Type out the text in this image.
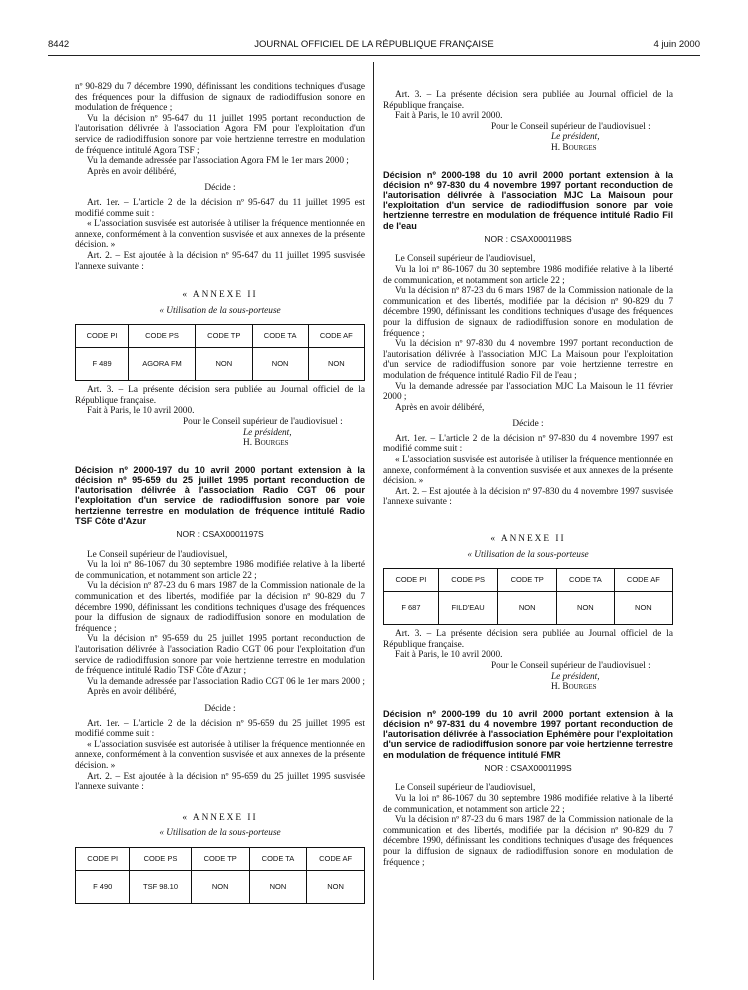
8442	JOURNAL OFFICIEL DE LA RÉPUBLIQUE FRANÇAISE	4 juin 2000

nº 90-829 du 7 décembre 1990, définissant les conditions techniques d'usage des fréquences pour la diffusion de signaux de radiodiffusion sonore en modulation de fréquence ;

Vu la décision nº 95-647 du 11 juillet 1995 portant reconduction de l'autorisation délivrée à l'association Agora FM pour l'exploitation d'un service de radiodiffusion sonore par voie hertzienne terrestre en modulation de fréquence intitulé Agora TSF ;

Vu la demande adressée par l'association Agora FM le 1er mars 2000 ;

Après en avoir délibéré,

Décide :

Art. 1er. – L'article 2 de la décision nº 95-647 du 11 juillet 1995 est modifié comme suit :

« L'association susvisée est autorisée à utiliser la fréquence mentionnée en annexe, conformément à la convention susvisée et aux annexes de la présente décision. »

Art. 2. – Est ajoutée à la décision nº 95-647 du 11 juillet 1995 susvisée l'annexe suivante :

« ANNEXE II

« Utilisation de la sous-porteuse

CODE PI	CODE PS	CODE TP	CODE TA	CODE AF
F 489	AGORA FM	NON	NON	NON

Art. 3. – La présente décision sera publiée au Journal officiel de la République française.

Fait à Paris, le 10 avril 2000.

Pour le Conseil supérieur de l'audiovisuel :

Le président,

H. Bourges

Décision nº 2000-197 du 10 avril 2000 portant extension à la décision nº 95-659 du 25 juillet 1995 portant reconduction de l'autorisation délivrée à l'association Radio CGT 06 pour l'exploitation d'un service de radiodiffusion sonore par voie hertzienne terrestre en modulation de fréquence intitulé Radio TSF Côte d'Azur

NOR : CSAX0001197S

Le Conseil supérieur de l'audiovisuel,

Vu la loi nº 86-1067 du 30 septembre 1986 modifiée relative à la liberté de communication, et notamment son article 22 ;

Vu la décision nº 87-23 du 6 mars 1987 de la Commission nationale de la communication et des libertés, modifiée par la décision nº 90-829 du 7 décembre 1990, définissant les conditions techniques d'usage des fréquences pour la diffusion de signaux de radiodiffusion sonore en modulation de fréquence ;

Vu la décision nº 95-659 du 25 juillet 1995 portant reconduction de l'autorisation délivrée à l'association Radio CGT 06 pour l'exploitation d'un service de radiodiffusion sonore par voie hertzienne terrestre en modulation de fréquence intitulé Radio TSF Côte d'Azur ;

Vu la demande adressée par l'association Radio CGT 06 le 1er mars 2000 ;

Après en avoir délibéré,

Décide :

Art. 1er. – L'article 2 de la décision nº 95-659 du 25 juillet 1995 est modifié comme suit :

« L'association susvisée est autorisée à utiliser la fréquence mentionnée en annexe, conformément à la convention susvisée et aux annexes de la présente décision. »

Art. 2. – Est ajoutée à la décision nº 95-659 du 25 juillet 1995 susvisée l'annexe suivante :

« ANNEXE II

« Utilisation de la sous-porteuse

CODE PI	CODE PS	CODE TP	CODE TA	CODE AF
F 490	TSF 98.10	NON	NON	NON

Art. 3. – La présente décision sera publiée au Journal officiel de la République française.

Fait à Paris, le 10 avril 2000.

Pour le Conseil supérieur de l'audiovisuel :

Le président,

H. Bourges

Décision nº 2000-198 du 10 avril 2000 portant extension à la décision nº 97-830 du 4 novembre 1997 portant reconduction de l'autorisation délivrée à l'association MJC La Maisoun pour l'exploitation d'un service de radiodiffusion sonore par voie hertzienne terrestre en modulation de fréquence intitulé Radio Fil de l'eau

NOR : CSAX0001198S

Le Conseil supérieur de l'audiovisuel,

Vu la loi nº 86-1067 du 30 septembre 1986 modifiée relative à la liberté de communication, et notamment son article 22 ;

Vu la décision nº 87-23 du 6 mars 1987 de la Commission nationale de la communication et des libertés, modifiée par la décision nº 90-829 du 7 décembre 1990, définissant les conditions techniques d'usage des fréquences pour la diffusion de signaux de radiodiffusion sonore en modulation de fréquence ;

Vu la décision nº 97-830 du 4 novembre 1997 portant reconduction de l'autorisation délivrée à l'association MJC La Maisoun pour l'exploitation d'un service de radiodiffusion sonore par voie hertzienne terrestre en modulation de fréquence intitulé Radio Fil de l'eau ;

Vu la demande adressée par l'association MJC La Maisoun le 11 février 2000 ;

Après en avoir délibéré,

Décide :

Art. 1er. – L'article 2 de la décision nº 97-830 du 4 novembre 1997 est modifié comme suit :

« L'association susvisée est autorisée à utiliser la fréquence mentionnée en annexe, conformément à la convention susvisée et aux annexes de la présente décision. »

Art. 2. – Est ajoutée à la décision nº 97-830 du 4 novembre 1997 susvisée l'annexe suivante :

« ANNEXE II

« Utilisation de la sous-porteuse

CODE PI	CODE PS	CODE TP	CODE TA	CODE AF
F 687	FILD'EAU	NON	NON	NON

Art. 3. – La présente décision sera publiée au Journal officiel de la République française.

Fait à Paris, le 10 avril 2000.

Pour le Conseil supérieur de l'audiovisuel :

Le président,

H. Bourges

Décision nº 2000-199 du 10 avril 2000 portant extension à la décision nº 97-831 du 4 novembre 1997 portant reconduction de l'autorisation délivrée à l'association Ephémère pour l'exploitation d'un service de radiodiffusion sonore par voie hertzienne terrestre en modulation de fréquence intitulé FMR

NOR : CSAX0001199S

Le Conseil supérieur de l'audiovisuel,

Vu la loi nº 86-1067 du 30 septembre 1986 modifiée relative à la liberté de communication, et notamment son article 22 ;

Vu la décision nº 87-23 du 6 mars 1987 de la Commission nationale de la communication et des libertés, modifiée par la décision nº 90-829 du 7 décembre 1990, définissant les conditions techniques d'usage des fréquences pour la diffusion de signaux de radiodiffusion sonore en modulation de fréquence ;
